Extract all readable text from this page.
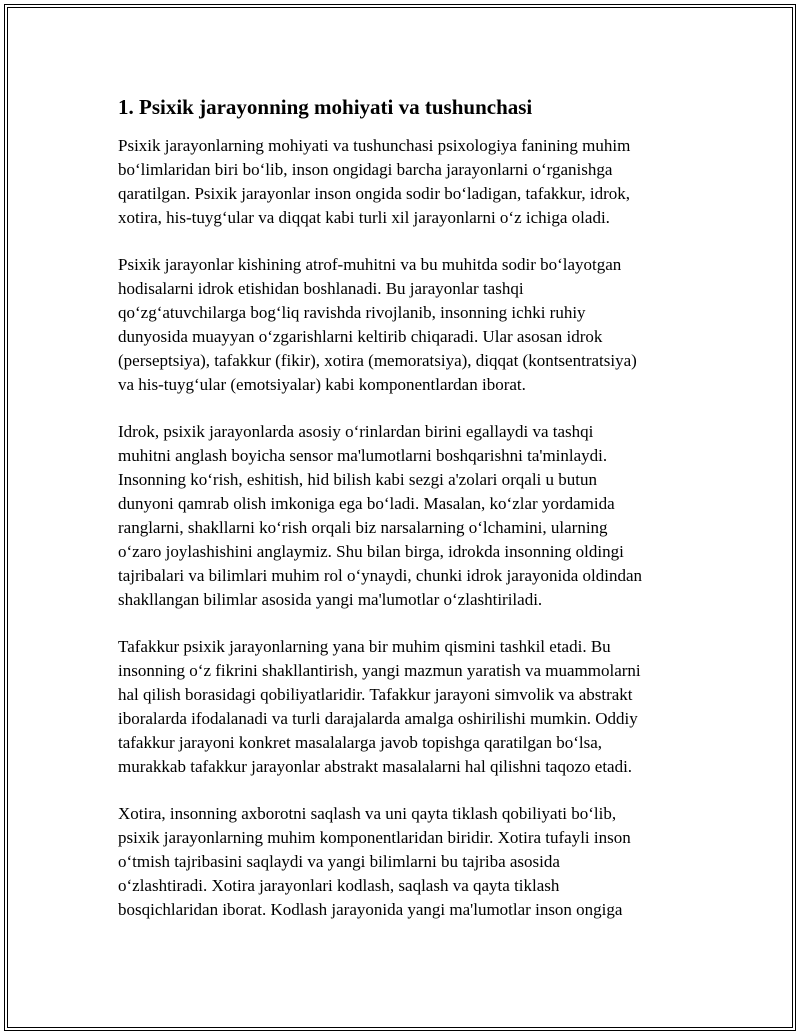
1. Psixik jarayonning mohiyati va tushunchasi
Psixik jarayonlarning mohiyati va tushunchasi psixologiya fanining muhim
bo‘limlaridan biri bo‘lib, inson ongidagi barcha jarayonlarni o‘rganishga
qaratilgan. Psixik jarayonlar inson ongida sodir bo‘ladigan, tafakkur, idrok,
xotira, his-tuyg‘ular va diqqat kabi turli xil jarayonlarni o‘z ichiga oladi.
Psixik jarayonlar kishining atrof-muhitni va bu muhitda sodir bo‘layotgan
hodisalarni idrok etishidan boshlanadi. Bu jarayonlar tashqi
qo‘zg‘atuvchilarga bog‘liq ravishda rivojlanib, insonning ichki ruhiy
dunyosida muayyan o‘zgarishlarni keltirib chiqaradi. Ular asosan idrok
(perseptsiya), tafakkur (fikir), xotira (memoratsiya), diqqat (kontsentratsiya)
va his-tuyg‘ular (emotsiyalar) kabi komponentlardan iborat.
Idrok, psixik jarayonlarda asosiy o‘rinlardan birini egallaydi va tashqi
muhitni anglash boyicha sensor ma'lumotlarni boshqarishni ta'minlaydi.
Insonning ko‘rish, eshitish, hid bilish kabi sezgi a'zolari orqali u butun
dunyoni qamrab olish imkoniga ega bo‘ladi. Masalan, ko‘zlar yordamida
ranglarni, shakllarni ko‘rish orqali biz narsalarning o‘lchamini, ularning
o‘zaro joylashishini anglaymiz. Shu bilan birga, idrokda insonning oldingi
tajribalari va bilimlari muhim rol o‘ynaydi, chunki idrok jarayonida oldindan
shakllangan bilimlar asosida yangi ma'lumotlar o‘zlashtiriladi.
Tafakkur psixik jarayonlarning yana bir muhim qismini tashkil etadi. Bu
insonning o‘z fikrini shakllantirish, yangi mazmun yaratish va muammolarni
hal qilish borasidagi qobiliyatlaridir. Tafakkur jarayoni simvolik va abstrakt
iboralarda ifodalanadi va turli darajalarda amalga oshirilishi mumkin. Oddiy
tafakkur jarayoni konkret masalalarga javob topishga qaratilgan bo‘lsa,
murakkab tafakkur jarayonlar abstrakt masalalarni hal qilishni taqozo etadi.
Xotira, insonning axborotni saqlash va uni qayta tiklash qobiliyati bo‘lib,
psixik jarayonlarning muhim komponentlaridan biridir. Xotira tufayli inson
o‘tmish tajribasini saqlaydi va yangi bilimlarni bu tajriba asosida
o‘zlashtiradi. Xotira jarayonlari kodlash, saqlash va qayta tiklash
bosqichlaridan iborat. Kodlash jarayonida yangi ma'lumotlar inson ongiga
